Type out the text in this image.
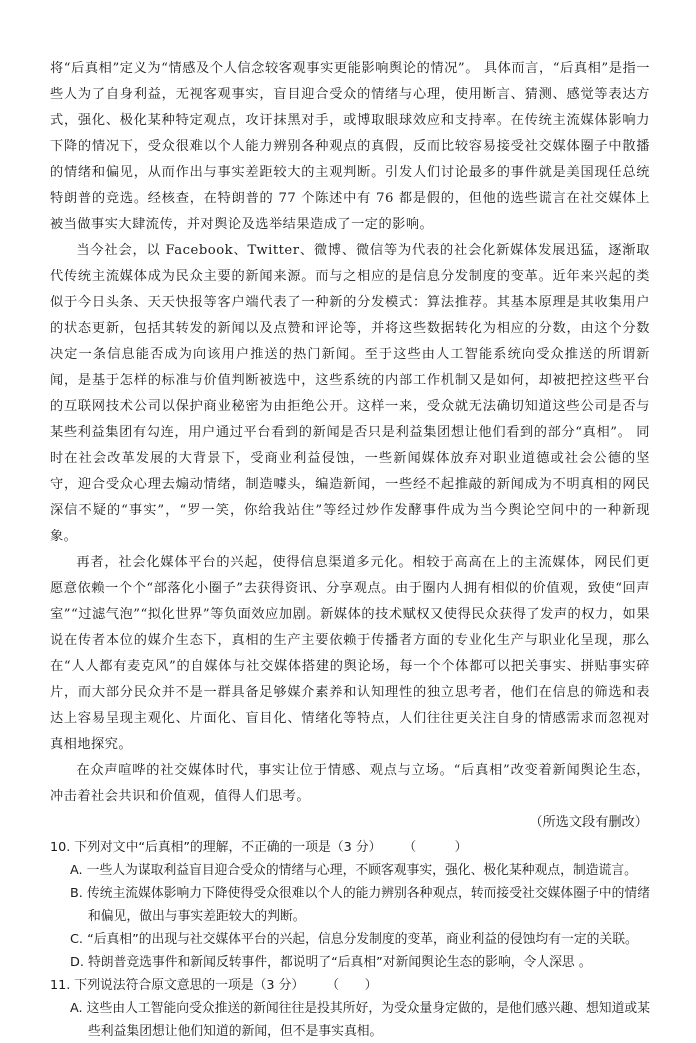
将“后真相”定义为“情感及个人信念较客观事实更能影响舆论的情况”。 具体而言，“后真相”是指一些人为了自身利益，无视客观事实，盲目迎合受众的情绪与心理，使用断言、猜测、感觉等表达方式，强化、极化某种特定观点，攻讦抹黑对手，或博取眼球效应和支持率。在传统主流媒体影响力下降的情况下，受众很难以个人能力辨别各种观点的真假，反而比较容易接受社交媒体圈子中散播的情绪和偏见，从而作出与事实差距较大的主观判断。引发人们讨论最多的事件就是美国现任总统特朗普的竞选。经核查，在特朗普的 77 个陈述中有 76 都是假的，但他的选些谎言在社交媒体上被当做事实大肆流传，并对舆论及选举结果造成了一定的影响。

当今社会，以 Facebook、Twitter、微博、微信等为代表的社会化新媒体发展迅猛，逐渐取代传统主流媒体成为民众主要的新闻来源。而与之相应的是信息分发制度的变革。近年来兴起的类似于今日头条、天天快报等客户端代表了一种新的分发模式：算法推荐。其基本原理是其收集用户的状态更新，包括其转发的新闻以及点赞和评论等，并将这些数据转化为相应的分数，由这个分数决定一条信息能否成为向该用户推送的热门新闻。至于这些由人工智能系统向受众推送的所谓新闻，是基于怎样的标准与价值判断被选中，这些系统的内部工作机制又是如何，却被把控这些平台的互联网技术公司以保护商业秘密为由拒绝公开。这样一来，受众就无法确切知道这些公司是否与某些利益集团有勾连，用户通过平台看到的新闻是否只是利益集团想让他们看到的部分“真相”。 同时在社会改革发展的大背景下，受商业利益侵蚀，一些新闻媒体放弃对职业道德或社会公德的坚守，迎合受众心理去煽动情绪，制造噱头，编造新闻，一些经不起推敲的新闻成为不明真相的网民深信不疑的“事实”，“罗一笑，你给我站住”等经过炒作发酵事件成为当今舆论空间中的一种新现象。

再者，社会化媒体平台的兴起，使得信息渠道多元化。相较于高高在上的主流媒体，网民们更愿意依赖一个个“部落化小圈子”去获得资讯、分享观点。由于圈内人拥有相似的价值观，致使“回声室”“过滤气泡”“拟化世界”等负面效应加剧。新媒体的技术赋权又使得民众获得了发声的权力，如果说在传者本位的媒介生态下，真相的生产主要依赖于传播者方面的专业化生产与职业化呈现，那么在“人人都有麦克风”的自媒体与社交媒体搭建的舆论场，每一个个体都可以把关事实、拼贴事实碎片，而大部分民众并不是一群具备足够媒介素养和认知理性的独立思考者，他们在信息的筛选和表达上容易呈现主观化、片面化、盲目化、情绪化等特点，人们往往更关注自身的情感需求而忽视对真相地探究。

在众声喧哗的社交媒体时代，事实让位于情感、观点与立场。“后真相”改变着新闻舆论生态，冲击着社会共识和价值观，值得人们思考。

（所选文段有删改）

10. 下列对文中“后真相”的理解，不正确的一项是（3 分） （　　　）

A. 一些人为谋取利益盲目迎合受众的情绪与心理，不顾客观事实，强化、极化某种观点，制造谎言。

B. 传统主流媒体影响力下降使得受众很难以个人的能力辨别各种观点，转而接受社交媒体圈子中的情绪和偏见，做出与事实差距较大的判断。

C. “后真相”的出现与社交媒体平台的兴起，信息分发制度的变革，商业利益的侵蚀均有一定的关联。

D. 特朗普竞选事件和新闻反转事件，都说明了“后真相”对新闻舆论生态的影响，令人深思 。

11. 下列说法符合原文意思的一项是（3 分） （　　）

A. 这些由人工智能向受众推送的新闻往往是投其所好，为受众量身定做的，是他们感兴趣、想知道或某些利益集团想让他们知道的新闻，但不是事实真相。
